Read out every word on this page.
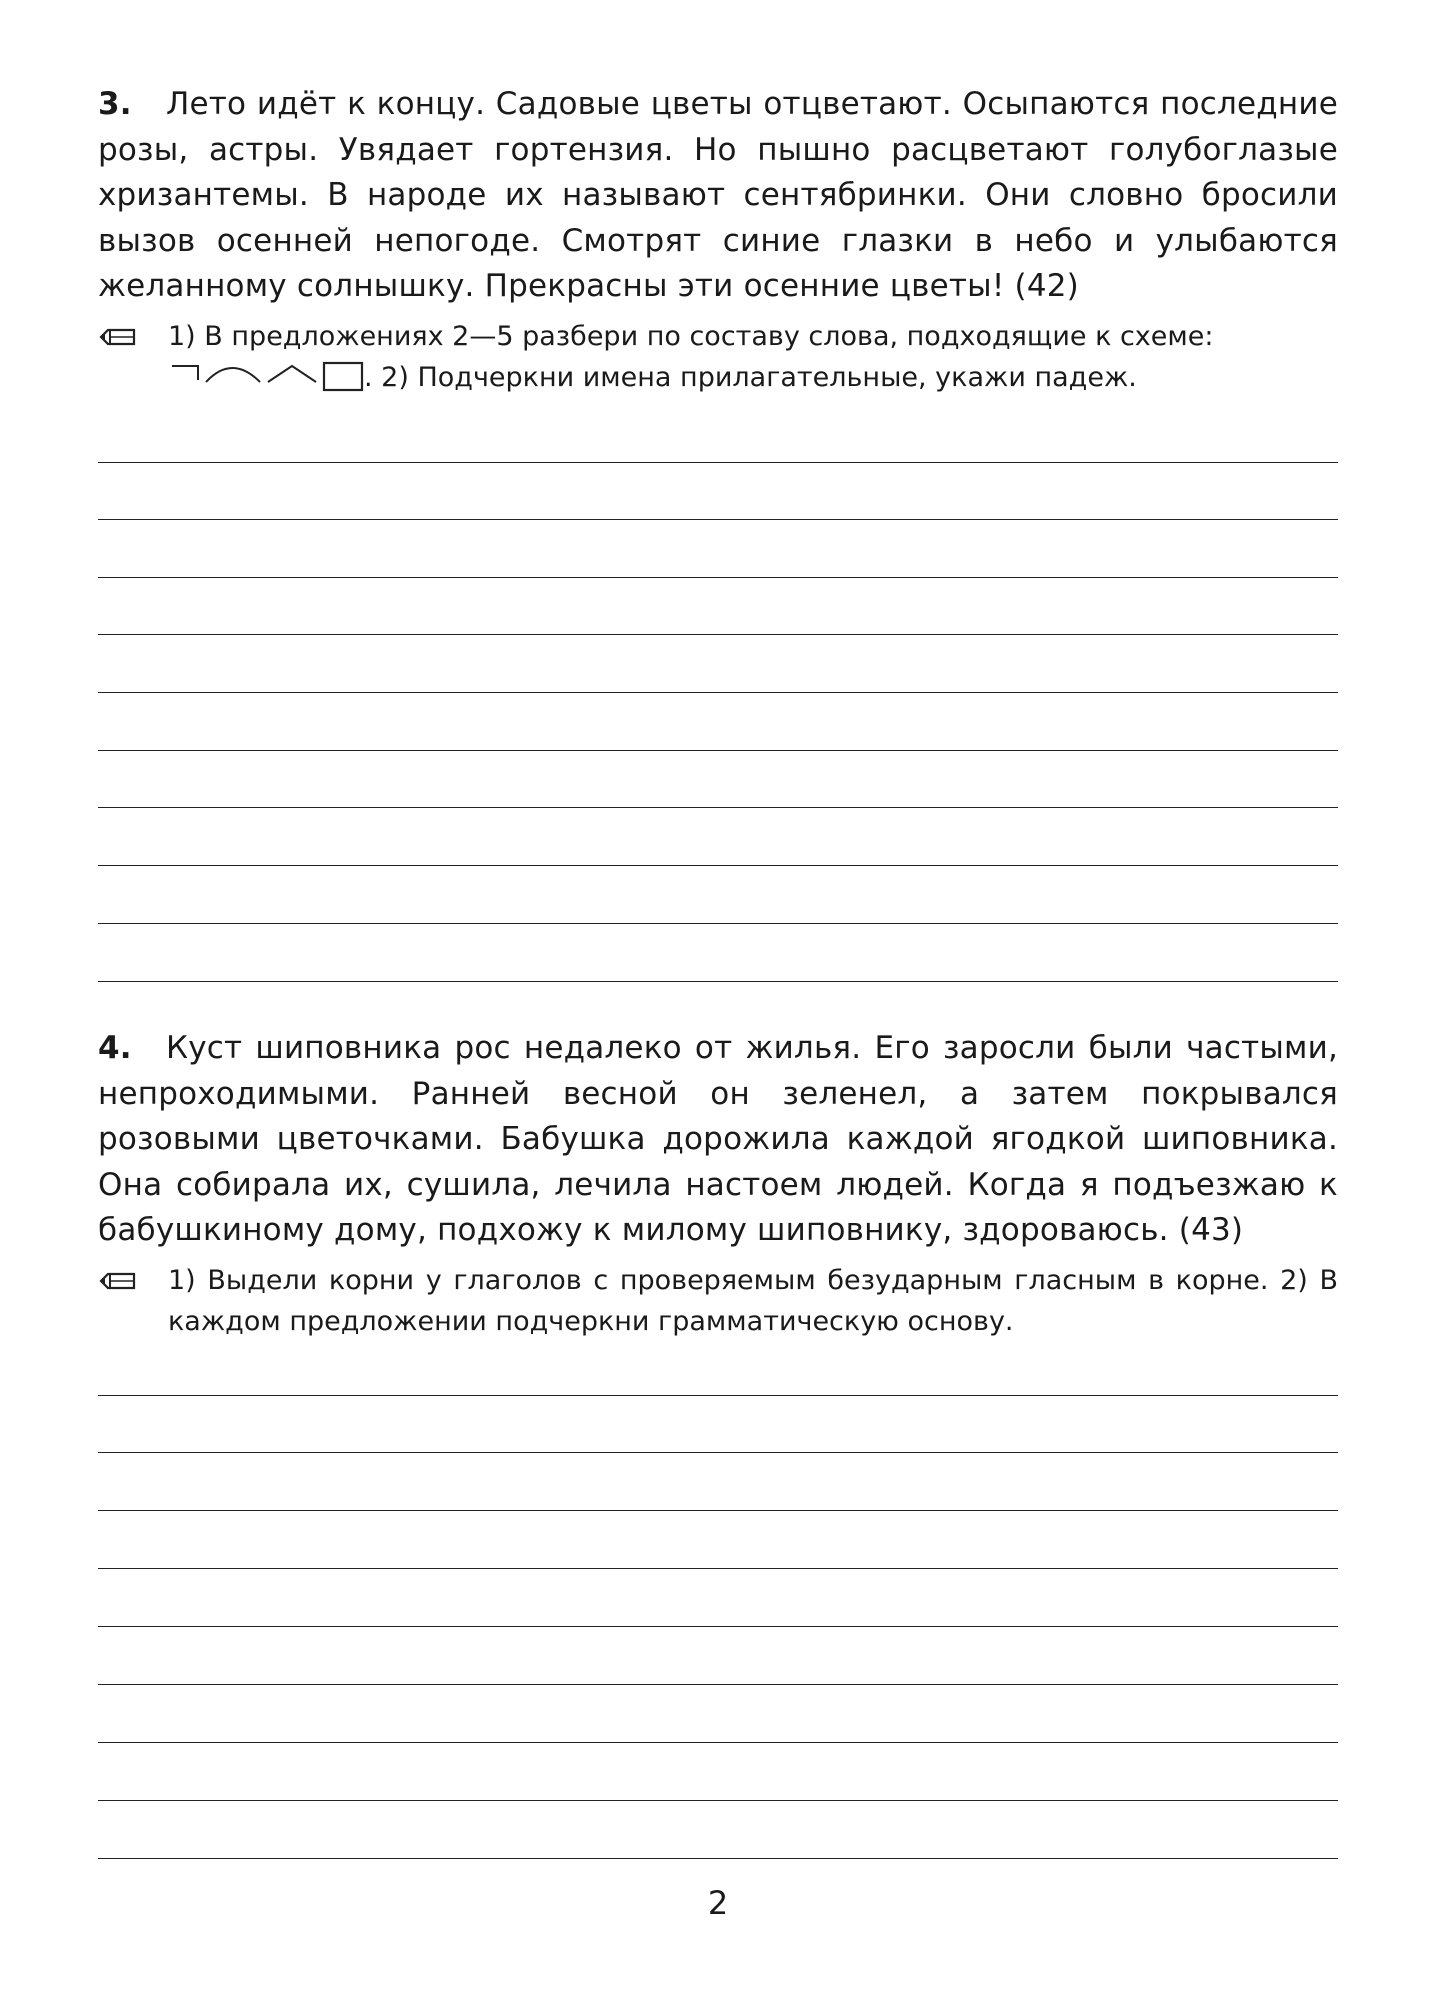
3. Лето идёт к концу. Садовые цветы отцветают. Осыпаются последние розы, астры. Увядает гортензия. Но пышно расцветают голубоглазые хризантемы. В народе их называют сентябринки. Они словно бросили вызов осенней непогоде. Смотрят синие глазки в небо и улыбаются желанному солнышку. Прекрасны эти осенние цветы! (42)
1) В предложениях 2—5 разбери по составу слова, подходящие к схеме:
. 2) Подчеркни имена прилагательные, укажи падеж.
4. Куст шиповника рос недалеко от жилья. Его заросли были частыми, непроходимыми. Ранней весной он зеленел, а затем покрывался розовыми цветочками. Бабушка дорожила каждой ягодкой шиповника. Она собирала их, сушила, лечила настоем людей. Когда я подъезжаю к бабушкиному дому, подхожу к милому шиповнику, здороваюсь. (43)
1) Выдели корни у глаголов с проверяемым безударным гласным в корне. 2) В каждом предложении подчеркни грамматическую основу.
2
